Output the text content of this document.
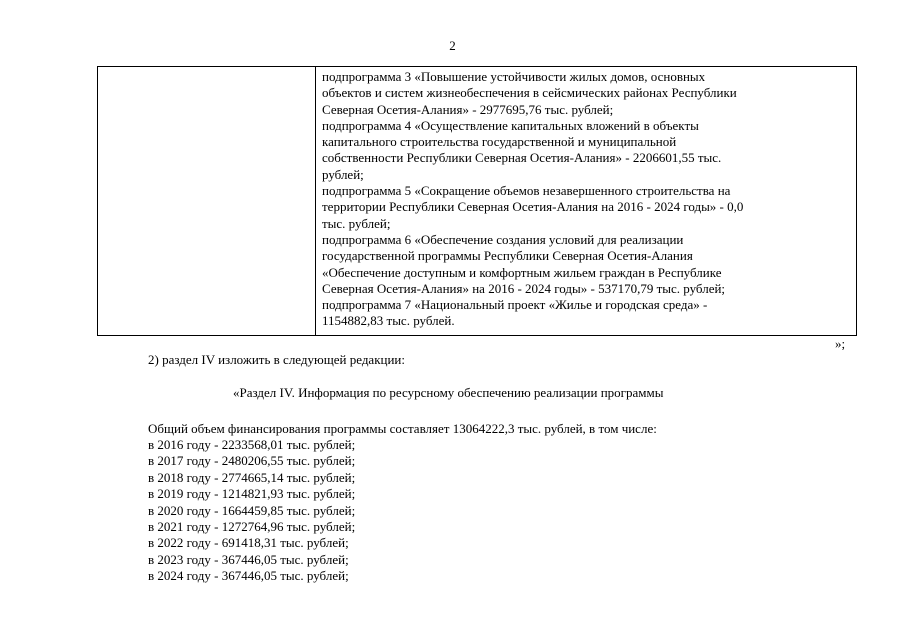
2
подпрограмма 3 «Повышение устойчивости жилых домов, основных
объектов и систем жизнеобеспечения в сейсмических районах Республики
Северная Осетия-Алания» - 2977695,76 тыс. рублей;
подпрограмма 4 «Осуществление капитальных вложений в объекты
капитального строительства государственной и муниципальной
собственности Республики Северная Осетия-Алания» - 2206601,55 тыс.
рублей;
подпрограмма 5 «Сокращение объемов незавершенного строительства на
территории Республики Северная Осетия-Алания на 2016 - 2024 годы» - 0,0
тыс. рублей;
подпрограмма 6 «Обеспечение создания условий для реализации
государственной программы Республики Северная Осетия-Алания
«Обеспечение доступным и комфортным жильем граждан в Республике
Северная Осетия-Алания» на 2016 - 2024 годы» - 537170,79 тыс. рублей;
подпрограмма 7 «Национальный проект «Жилье и городская среда» -
1154882,83 тыс. рублей.
»;
2) раздел IV изложить в следующей редакции:
«Раздел IV. Информация по ресурсному обеспечению реализации программы
Общий объем финансирования программы составляет 13064222,3 тыс. рублей, в том числе:
в 2016 году - 2233568,01 тыс. рублей;
в 2017 году - 2480206,55 тыс. рублей;
в 2018 году - 2774665,14 тыс. рублей;
в 2019 году - 1214821,93 тыс. рублей;
в 2020 году - 1664459,85 тыс. рублей;
в 2021 году - 1272764,96 тыс. рублей;
в 2022 году - 691418,31 тыс. рублей;
в 2023 году - 367446,05 тыс. рублей;
в 2024 году - 367446,05 тыс. рублей;
